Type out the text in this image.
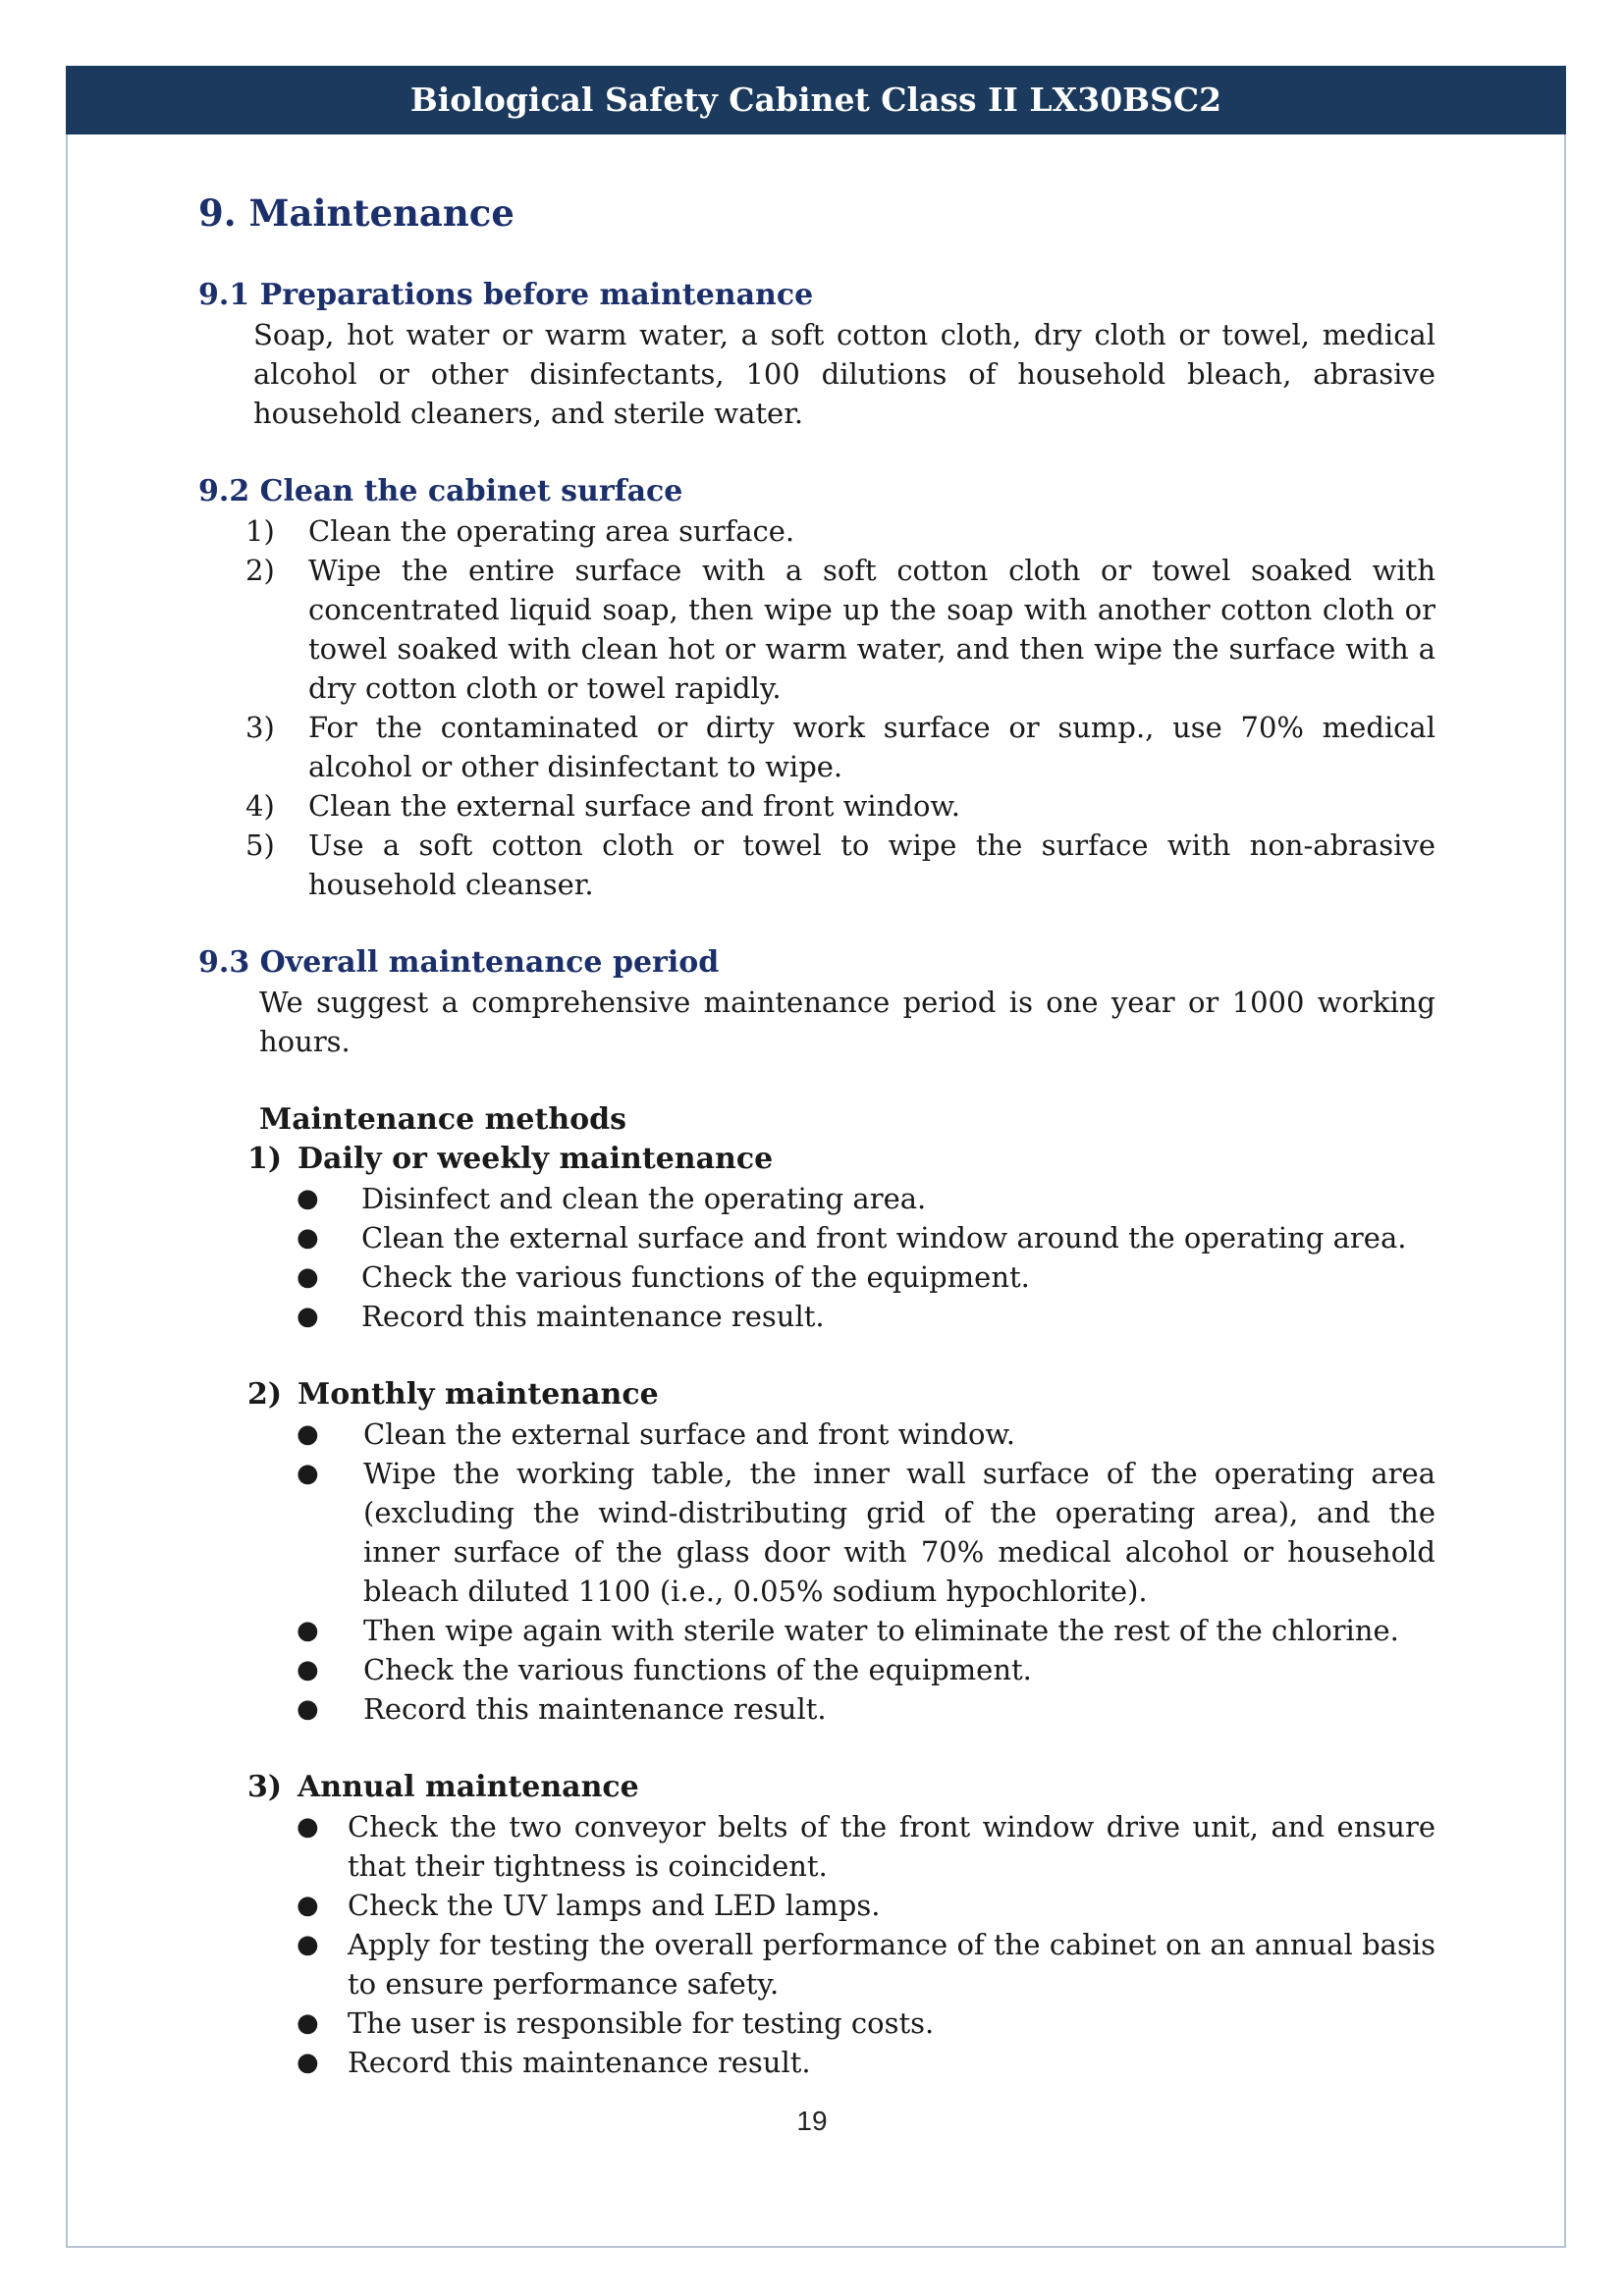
Biological Safety Cabinet Class II LX30BSC2
9. Maintenance
9.1 Preparations before maintenance

Soap, hot water or warm water, a soft cotton cloth, dry cloth or towel, medical alcohol or other disinfectants, 100 dilutions of household bleach, abrasive household cleaners, and sterile water.

9.2 Clean the cabinet surface
1) Clean the operating area surface.
2) Wipe the entire surface with a soft cotton cloth or towel soaked with concentrated liquid soap, then wipe up the soap with another cotton cloth or towel soaked with clean hot or warm water, and then wipe the surface with a dry cotton cloth or towel rapidly.
3) For the contaminated or dirty work surface or sump., use 70% medical alcohol or other disinfectant to wipe.
4) Clean the external surface and front window.
5) Use a soft cotton cloth or towel to wipe the surface with non-abrasive household cleanser.
9.3 Overall maintenance period

We suggest a comprehensive maintenance period is one year or 1000 working hours.

Maintenance methods
1) Daily or weekly maintenance
● Disinfect and clean the operating area.
● Clean the external surface and front window around the operating area.
● Check the various functions of the equipment.
● Record this maintenance result.
2) Monthly maintenance
● Clean the external surface and front window.
● Wipe the working table, the inner wall surface of the operating area (excluding the wind-distributing grid of the operating area), and the inner surface of the glass door with 70% medical alcohol or household bleach diluted 1100 (i.e., 0.05% sodium hypochlorite).
● Then wipe again with sterile water to eliminate the rest of the chlorine.
● Check the various functions of the equipment.
● Record this maintenance result.
3) Annual maintenance
● Check the two conveyor belts of the front window drive unit, and ensure that their tightness is coincident.
● Check the UV lamps and LED lamps.
● Apply for testing the overall performance of the cabinet on an annual basis to ensure performance safety.
● The user is responsible for testing costs.
● Record this maintenance result.
19
